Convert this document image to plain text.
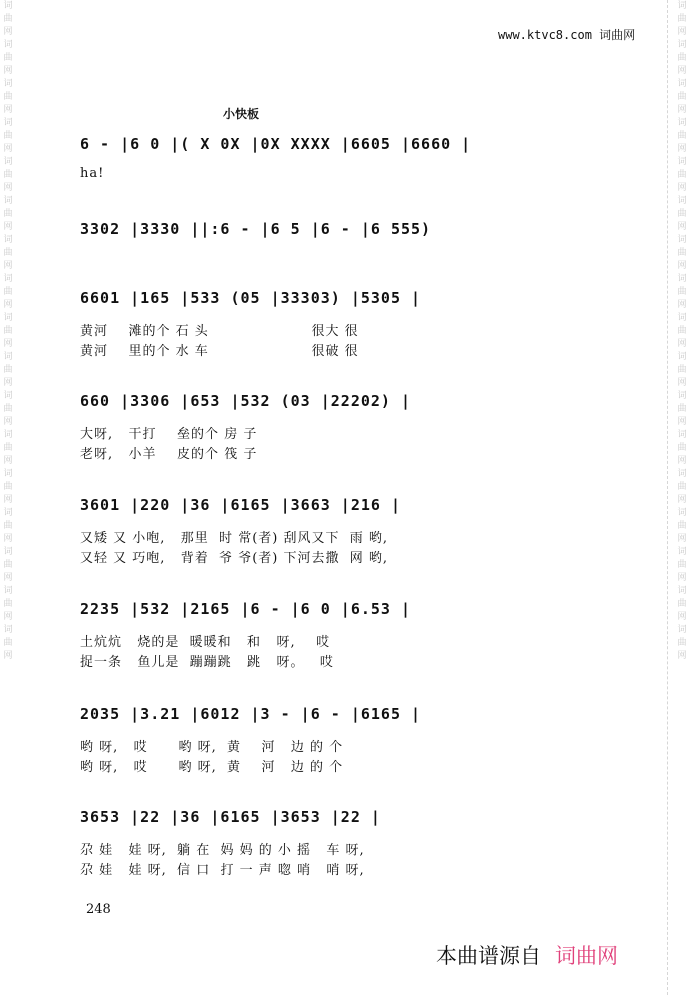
词 曲 网 词 曲 网 词 曲 网 词 曲 网 词 曲 网 词 曲 网 词 曲 网 词 曲 网 词 曲 网 词 曲 网 词 曲 网 词 曲 网 词 曲 网 词 曲 网 词 曲 网 词 曲 网 词 曲 网
词 曲 网 词 曲 网 词 曲 网 词 曲 网 词 曲 网 词 曲 网 词 曲 网 词 曲 网 词 曲 网 词 曲 网 词 曲 网 词 曲 网 词 曲 网 词 曲 网 词 曲 网 词 曲 网 词 曲 网
www.ktvc8.com 词曲网
小快板
6 - |6 0 |( X 0X |0X XXXX |6605 |6660 |
ha!
3302 |3330 ||:6 - |6 5 |6 - |6 555)
6601 |165 |533 (05 |33303) |5305 |
黄河    滩的个 石 头                    很大 很
黄河    里的个 水 车                    很破 很
660 |3306 |653 |532 (03 |22202) |
大呀,   干打    垒的个 房 子
老呀,   小羊    皮的个 筏 子
3601 |220 |36 |6165 |3663 |216 |
又矮 又 小咆,   那里  时 常(者) 刮风又下  雨 哟,
又轻 又 巧咆,   背着  爷 爷(者) 下河去撒  网 哟,
2235 |532 |2165 |6 - |6 0 |6.53 |
土炕炕   烧的是  暖暖和   和   呀,    哎
捉一条   鱼儿是  蹦蹦跳   跳   呀。   哎
2035 |3.21 |6012 |3 - |6 - |6165 |
哟 呀,   哎      哟 呀,  黄    河   边 的 个
哟 呀,   哎      哟 呀,  黄    河   边 的 个
3653 |22 |36 |6165 |3653 |22 |
尕 娃   娃 呀,  躺 在  妈 妈 的 小 摇   车 呀,
尕 娃   娃 呀,  信 口  打 一 声 唿 哨   哨 呀,
248
本曲谱源自 词曲网
